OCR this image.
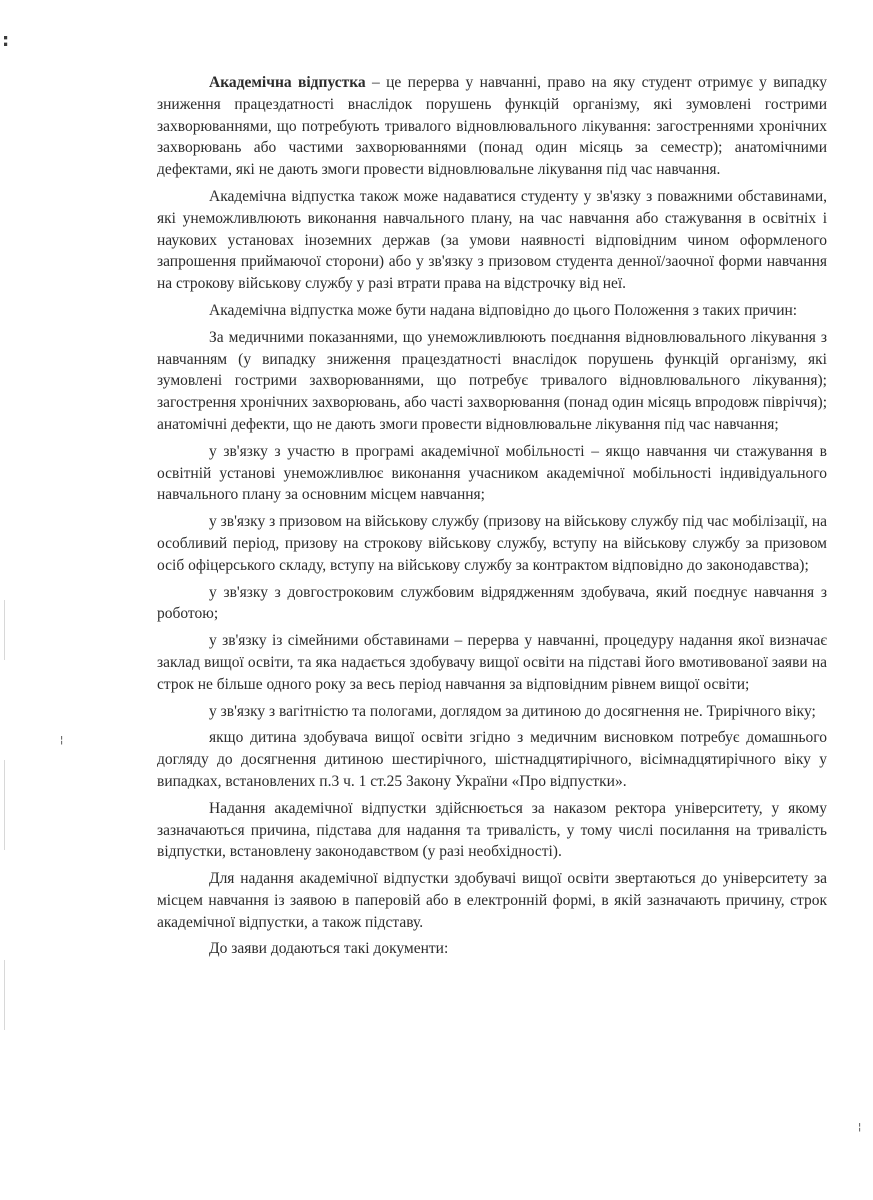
:
¦
¦

Академічна відпустка – це перерва у навчанні, право на яку студент отримує у випадку зниження працездатності внаслідок порушень функцій організму, які зумовлені гострими захворюваннями, що потребують тривалого відновлювального лікування: загостреннями хронічних захворювань або частими захворюваннями (понад один місяць за семестр); анатомічними дефектами, які не дають змоги провести відновлювальне лікування під час навчання.

Академічна відпустка також може надаватися студенту у зв'язку з поважними обставинами, які унеможливлюють виконання навчального плану, на час навчання або стажування в освітніх і наукових установах іноземних держав (за умови наявності відповідним чином оформленого запрошення приймаючої сторони) або у зв'язку з призовом студента денної/заочної форми навчання на строкову військову службу у разі втрати права на відстрочку від неї.

Академічна відпустка може бути надана відповідно до цього Положення з таких причин:

За медичними показаннями, що унеможливлюють поєднання відновлювального лікування з навчанням (у випадку зниження працездатності внаслідок порушень функцій організму, які зумовлені гострими захворюваннями, що потребує тривалого відновлювального лікування); загострення хронічних захворювань, або часті захворювання (понад один місяць впродовж півріччя); анатомічні дефекти, що не дають змоги провести відновлювальне лікування під час навчання;

у зв'язку з участю в програмі академічної мобільності – якщо навчання чи стажування в освітній установі унеможливлює виконання учасником академічної мобільності індивідуального навчального плану за основним місцем навчання;

у зв'язку з призовом на військову службу (призову на військову службу під час мобілізації, на особливий період, призову на строкову військову службу, вступу на військову службу за призовом осіб офіцерського складу, вступу на військову службу за контрактом відповідно до законодавства);

у зв'язку з довгостроковим службовим відрядженням здобувача, який поєднує навчання з роботою;

у зв'язку із сімейними обставинами – перерва у навчанні, процедуру надання якої визначає заклад вищої освіти, та яка надається здобувачу вищої освіти на підставі його вмотивованої заяви на строк не більше одного року за весь період навчання за відповідним рівнем вищої освіти;

у зв'язку з вагітністю та пологами, доглядом за дитиною до досягнення не. Трирічного віку;

якщо дитина здобувача вищої освіти згідно з медичним висновком потребує домашнього догляду до досягнення дитиною шестирічного, шістнадцятирічного, вісімнадцятирічного віку у випадках, встановлених п.3 ч. 1 ст.25 Закону України «Про відпустки».

Надання академічної відпустки здійснюється за наказом ректора університету, у якому зазначаються причина, підстава для надання та тривалість, у тому числі посилання на тривалість відпустки, встановлену законодавством (у разі необхідності).

Для надання академічної відпустки здобувачі вищої освіти звертаються до університету за місцем навчання із заявою в паперовій або в електронній формі, в якій зазначають причину, строк академічної відпустки, а також підставу.

До заяви додаються такі документи:
